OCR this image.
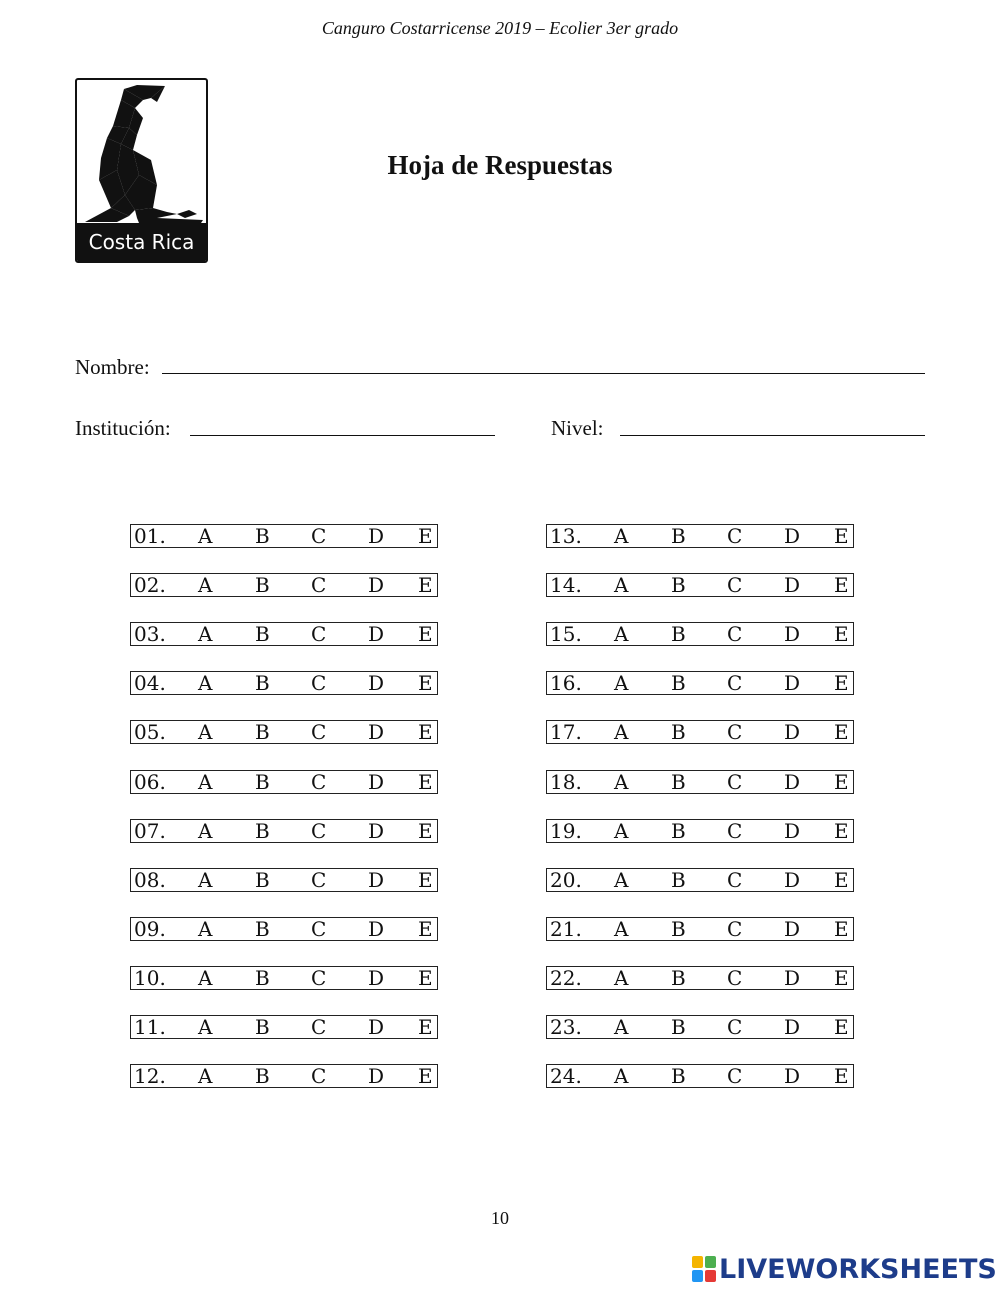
Canguro Costarricense 2019 – Ecolier 3er grado
Costa Rica
Hoja de Respuestas
Nombre:
Institución:	Nivel:
01. A B C D E
02. A B C D E
03. A B C D E
04. A B C D E
05. A B C D E
06. A B C D E
07. A B C D E
08. A B C D E
09. A B C D E
10. A B C D E
11. A B C D E
12. A B C D E
13. A B C D E
14. A B C D E
15. A B C D E
16. A B C D E
17. A B C D E
18. A B C D E
19. A B C D E
20. A B C D E
21. A B C D E
22. A B C D E
23. A B C D E
24. A B C D E
10
LIVEWORKSHEETS
